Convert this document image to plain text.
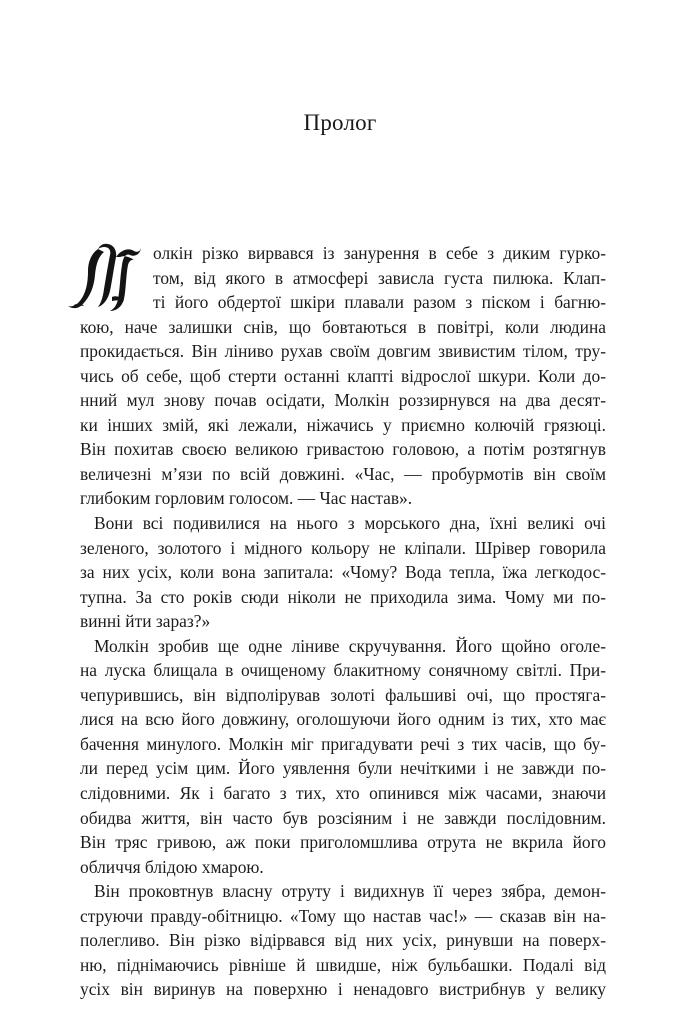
Пролог
олкін різко вирвався із занурення в себе з диким гурко-
том, від якого в атмосфері зависла густа пилюка. Клап-
ті його обдертої шкіри плавали разом з піском і багню-
кою, наче залишки снів, що бовтаються в повітрі, коли людина
прокидається. Він ліниво рухав своїм довгим звивистим тілом, тру-
чись об себе, щоб стерти останні клапті відрослої шкури. Коли до-
нний мул знову почав осідати, Молкін роззирнувся на два десят-
ки інших змій, які лежали, ніжачись у приємно колючій грязюці.
Він похитав своєю великою гривастою головою, а потім розтягнув
величезні м’язи по всій довжині. «Час, — пробурмотів він своїм
глибоким горловим голосом. — Час настав».
Вони всі подивилися на нього з морського дна, їхні великі очі
зеленого, золотого і мідного кольору не кліпали. Шрівер говорила
за них усіх, коли вона запитала: «Чому? Вода тепла, їжа легкодос-
тупна. За сто років сюди ніколи не приходила зима. Чому ми по-
винні йти зараз?»
Молкін зробив ще одне ліниве скручування. Його щойно оголе-
на луска блищала в очищеному блакитному сонячному світлі. При-
чепурившись, він відполірував золоті фальшиві очі, що простяга-
лися на всю його довжину, оголошуючи його одним із тих, хто має
бачення минулого. Молкін міг пригадувати речі з тих часів, що бу-
ли перед усім цим. Його уявлення були нечіткими і не завжди по-
слідовними. Як і багато з тих, хто опинився між часами, знаючи
обидва життя, він часто був розсіяним і не завжди послідовним.
Він тряс гривою, аж поки приголомшлива отрута не вкрила його
обличчя блідою хмарою.
Він проковтнув власну отруту і видихнув її через зябра, демон-
струючи правду-обітницю. «Тому що настав час!» — сказав він на-
полегливо. Він різко відірвався від них усіх, ринувши на поверх-
ню, піднімаючись рівніше й швидше, ніж бульбашки. Подалі від
усіх він виринув на поверхню і ненадовго вистрибнув у велику
